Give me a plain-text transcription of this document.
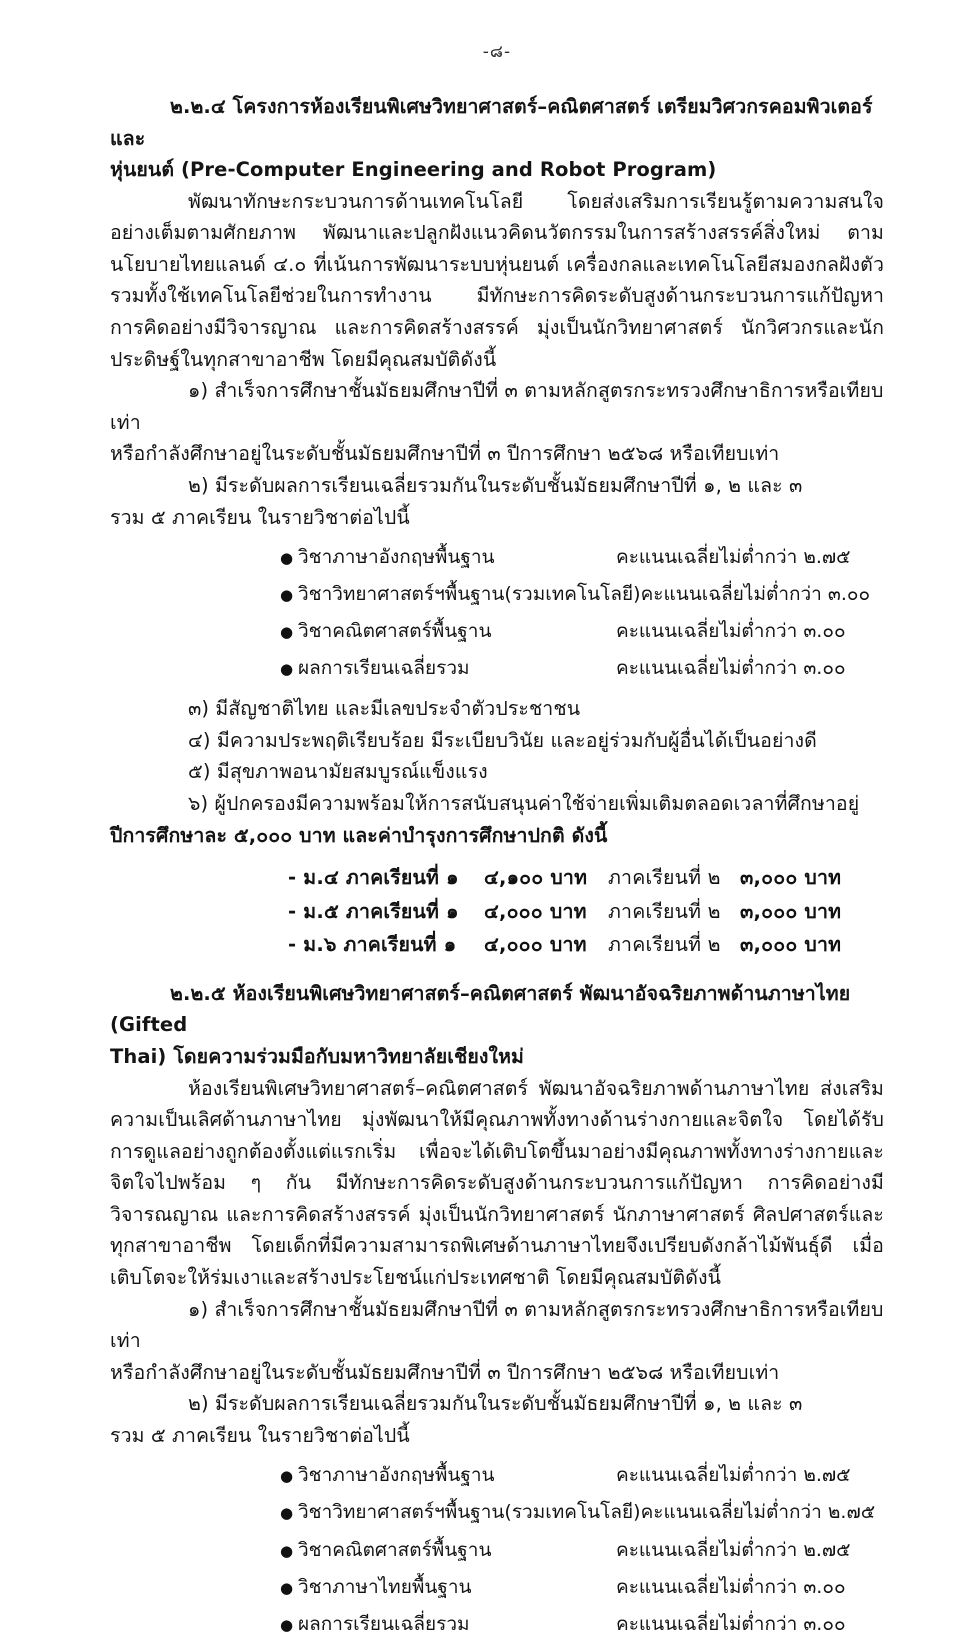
-๘-
๒.๒.๔ โครงการห้องเรียนพิเศษวิทยาศาสตร์–คณิตศาสตร์ เตรียมวิศวกรคอมพิวเตอร์และ
หุ่นยนต์ (Pre-Computer Engineering and Robot Program)
พัฒนาทักษะกระบวนการด้านเทคโนโลยี โดยส่งเสริมการเรียนรู้ตามความสนใจอย่างเต็มตามศักยภาพ พัฒนาและปลูกฝังแนวคิดนวัตกรรมในการสร้างสรรค์สิ่งใหม่ ตามนโยบายไทยแลนด์ ๔.๐ ที่เน้นการพัฒนาระบบหุ่นยนต์ เครื่องกลและเทคโนโลยีสมองกลฝังตัว รวมทั้งใช้เทคโนโลยีช่วยในการทำงาน มีทักษะการคิดระดับสูงด้านกระบวนการแก้ปัญหา การคิดอย่างมีวิจารญาณ และการคิดสร้างสรรค์ มุ่งเป็นนักวิทยาศาสตร์ นักวิศวกรและนักประดิษฐ์ในทุกสาขาอาชีพ โดยมีคุณสมบัติดังนี้
๑) สำเร็จการศึกษาชั้นมัธยมศึกษาปีที่ ๓ ตามหลักสูตรกระทรวงศึกษาธิการหรือเทียบเท่า
หรือกำลังศึกษาอยู่ในระดับชั้นมัธยมศึกษาปีที่ ๓ ปีการศึกษา ๒๕๖๘ หรือเทียบเท่า
๒) มีระดับผลการเรียนเฉลี่ยรวมกันในระดับชั้นมัธยมศึกษาปีที่ ๑, ๒ และ ๓
รวม ๕ ภาคเรียน ในรายวิชาต่อไปนี้
● วิชาภาษาอังกฤษพื้นฐาน	คะแนนเฉลี่ยไม่ต่ำกว่า ๒.๗๕
● วิชาวิทยาศาสตร์ฯพื้นฐาน(รวมเทคโนโลยี) คะแนนเฉลี่ยไม่ต่ำกว่า ๓.๐๐
● วิชาคณิตศาสตร์พื้นฐาน	คะแนนเฉลี่ยไม่ต่ำกว่า ๓.๐๐
● ผลการเรียนเฉลี่ยรวม	คะแนนเฉลี่ยไม่ต่ำกว่า ๓.๐๐
๓) มีสัญชาติไทย และมีเลขประจำตัวประชาชน
๔) มีความประพฤติเรียบร้อย มีระเบียบวินัย และอยู่ร่วมกับผู้อื่นได้เป็นอย่างดี
๕) มีสุขภาพอนามัยสมบูรณ์แข็งแรง
๖) ผู้ปกครองมีความพร้อมให้การสนับสนุนค่าใช้จ่ายเพิ่มเติมตลอดเวลาที่ศึกษาอยู่
ปีการศึกษาละ ๕,๐๐๐ บาท และค่าบำรุงการศึกษาปกติ ดังนี้
- ม.๔ ภาคเรียนที่ ๑	๔,๑๐๐ บาท	ภาคเรียนที่ ๒ ๓,๐๐๐ บาท
- ม.๕ ภาคเรียนที่ ๑	๔,๐๐๐ บาท	ภาคเรียนที่ ๒ ๓,๐๐๐ บาท
- ม.๖ ภาคเรียนที่ ๑	๔,๐๐๐ บาท	ภาคเรียนที่ ๒ ๓,๐๐๐ บาท
๒.๒.๕ ห้องเรียนพิเศษวิทยาศาสตร์–คณิตศาสตร์ พัฒนาอัจฉริยภาพด้านภาษาไทย (Gifted
Thai) โดยความร่วมมือกับมหาวิทยาลัยเชียงใหม่
ห้องเรียนพิเศษวิทยาศาสตร์–คณิตศาสตร์ พัฒนาอัจฉริยภาพด้านภาษาไทย ส่งเสริมความเป็นเลิศด้านภาษาไทย มุ่งพัฒนาให้มีคุณภาพทั้งทางด้านร่างกายและจิตใจ โดยได้รับการดูแลอย่างถูกต้องตั้งแต่แรกเริ่ม เพื่อจะได้เติบโตขึ้นมาอย่างมีคุณภาพทั้งทางร่างกายและจิตใจไปพร้อม ๆ กัน มีทักษะการคิดระดับสูงด้านกระบวนการแก้ปัญหา การคิดอย่างมีวิจารณญาณ และการคิดสร้างสรรค์ มุ่งเป็นนักวิทยาศาสตร์ นักภาษาศาสตร์ ศิลปศาสตร์และทุกสาขาอาชีพ โดยเด็กที่มีความสามารถพิเศษด้านภาษาไทยจึงเปรียบดังกล้าไม้พันธุ์ดี เมื่อเติบโตจะให้ร่มเงาและสร้างประโยชน์แก่ประเทศชาติ โดยมีคุณสมบัติดังนี้
๑) สำเร็จการศึกษาชั้นมัธยมศึกษาปีที่ ๓ ตามหลักสูตรกระทรวงศึกษาธิการหรือเทียบเท่า
หรือกำลังศึกษาอยู่ในระดับชั้นมัธยมศึกษาปีที่ ๓ ปีการศึกษา ๒๕๖๘ หรือเทียบเท่า
๒) มีระดับผลการเรียนเฉลี่ยรวมกันในระดับชั้นมัธยมศึกษาปีที่ ๑, ๒ และ ๓
รวม ๕ ภาคเรียน ในรายวิชาต่อไปนี้
● วิชาภาษาอังกฤษพื้นฐาน	คะแนนเฉลี่ยไม่ต่ำกว่า ๒.๗๕
● วิชาวิทยาศาสตร์ฯพื้นฐาน(รวมเทคโนโลยี) คะแนนเฉลี่ยไม่ต่ำกว่า ๒.๗๕
● วิชาคณิตศาสตร์พื้นฐาน	คะแนนเฉลี่ยไม่ต่ำกว่า ๒.๗๕
● วิชาภาษาไทยพื้นฐาน	คะแนนเฉลี่ยไม่ต่ำกว่า ๓.๐๐
● ผลการเรียนเฉลี่ยรวม	คะแนนเฉลี่ยไม่ต่ำกว่า ๓.๐๐
